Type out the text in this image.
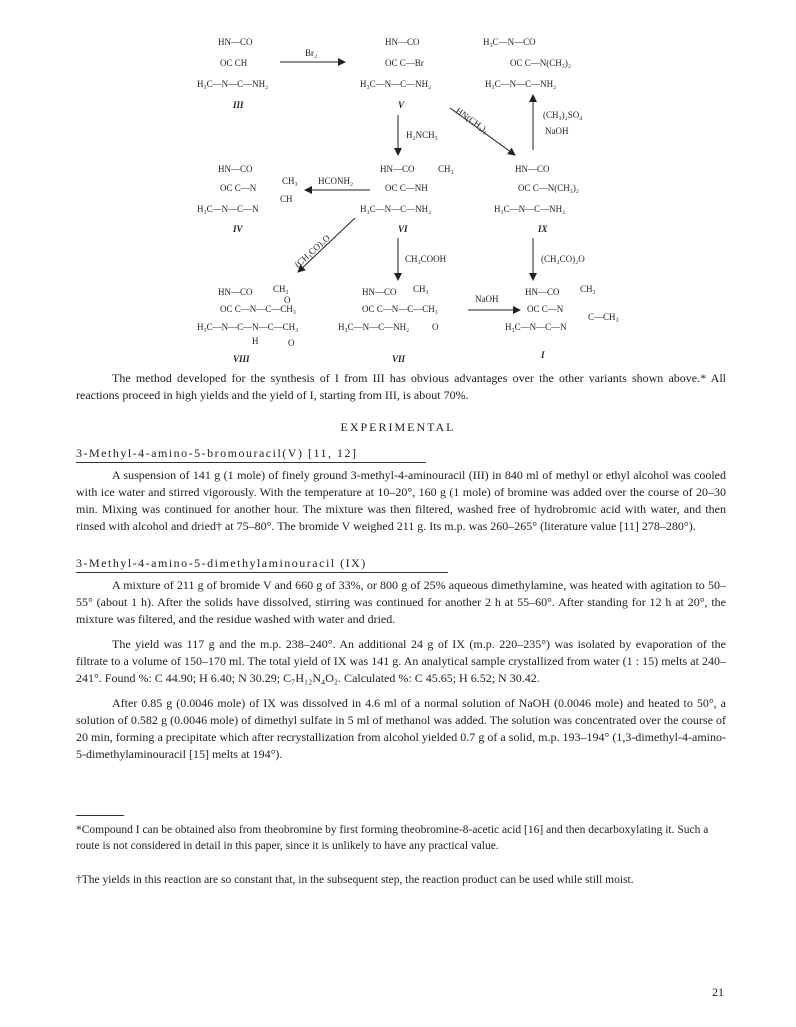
HN—CO
OC CH
H₃C—N—C—NH₂
III
Br₂
HN—CO
OC C—Br
H₃C—N—C—NH₂
V
H₃C—N—CO
OC C—N(CH₃)₂
H₃C—N—C—NH₂
H₂NCH₃ HN(CH₃)₂	(CH₃)₂SO₄
NaOH
HN—CO
OC C—N
CH₃
H₃C—N—C—N
CH
IV
HCONH₂
HN—CO	CH₃
OC C—NH
H₃C—N—C—NH₂
VI
HN—CO
OC C—N(CH₃)₂
H₃C—N—C—NH₂
IX
(CH₃CO)₂O	CH₃COOH	(CH₃CO)₂O
HN—CO CH₃
OC C—N—C—CH₃
O
H₃C—N—C—N—C—CH₃
H	O
VIII
HN—CO CH₃
OC C—N—C—CH₃
H₃C—N—C—NH₂	O
VII
NaOH
HN—CO CH₃
OC C—N
C—CH₃
H₃C—N—C—N
I

The method developed for the synthesis of I from III has obvious advantages over the other variants shown above.* All reactions proceed in high yields and the yield of I, starting from III, is about 70%.

EXPERIMENTAL
3-Methyl-4-amino-5-bromouracil(V) [11, 12]

A suspension of 141 g (1 mole) of finely ground 3-methyl-4-aminouracil (III) in 840 ml of methyl or ethyl alcohol was cooled with ice water and stirred vigorously. With the temperature at 10–20°, 160 g (1 mole) of bromine was added over the course of 20–30 min. Mixing was continued for another hour. The mixture was then filtered, washed free of hydrobromic acid with water, and then rinsed with alcohol and dried† at 75–80°. The bromide V weighed 211 g. Its m.p. was 260–265° (literature value [11] 278–280°).

3-Methyl-4-amino-5-dimethylaminouracil (IX)

A mixture of 211 g of bromide V and 660 g of 33%, or 800 g of 25% aqueous dimethylamine, was heated with agitation to 50–55° (about 1 h). After the solids have dissolved, stirring was continued for another 2 h at 55–60°. After standing for 12 h at 20°, the mixture was filtered, and the residue washed with water and dried.

The yield was 117 g and the m.p. 238–240°. An additional 24 g of IX (m.p. 220–235°) was isolated by evaporation of the filtrate to a volume of 150–170 ml. The total yield of IX was 141 g. An analytical sample crystallized from water (1 : 15) melts at 240–241°. Found %: C 44.90; H 6.40; N 30.29; C₇H₁₂N₄O₂. Calculated %: C 45.65; H 6.52; N 30.42.

After 0.85 g (0.0046 mole) of IX was dissolved in 4.6 ml of a normal solution of NaOH (0.0046 mole) and heated to 50°, a solution of 0.582 g (0.0046 mole) of dimethyl sulfate in 5 ml of methanol was added. The solution was concentrated over the course of 20 min, forming a precipitate which after recrystallization from alcohol yielded 0.7 g of a solid, m.p. 193–194° (1,3-dimethyl-4-amino-5-dimethylaminouracil [15] melts at 194°).

*Compound I can be obtained also from theobromine by first forming theobromine-8-acetic acid [16] and then decarboxylating it. Such a route is not considered in detail in this paper, since it is unlikely to have any practical value.

†The yields in this reaction are so constant that, in the subsequent step, the reaction product can be used while still moist.

21
